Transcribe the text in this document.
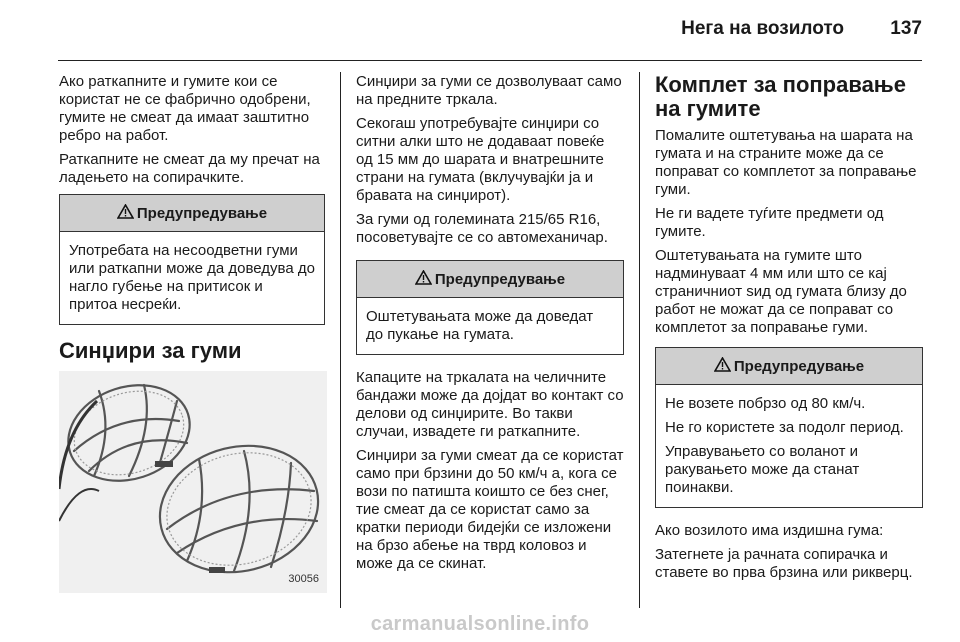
Нега на возилото	137

Ако раткапните и гумите кои се користат не се фабрично одобрени, гумите не смеат да имаат заштитно ребро на работ.

Раткапните не смеат да му пречат на ладењето на сопирачките.

Предупредување

Употребата на несоодветни гуми или раткапни може да доведува до нагло губење на притисок и притоа несреќи.

Синџири за гуми
30056

Синџири за гуми се дозволуваат само на предните тркала.

Секогаш употребувајте синџири со ситни алки што не додаваат повеќе од 15 мм до шарата и внатрешните страни на гумата (вклучувајќи ја и бравата на синџирот).

За гуми од големината 215/65 R16, посоветувајте се со автомеханичар.

Предупредување

Оштетувањата може да доведат до пукање на гумата.

Капаците на тркалата на челичните бандажи може да дојдат во контакт со делови од синџирите. Во такви случаи, извадете ги раткапните.

Синџири за гуми смеат да се користат само при брзини до 50 км/ч а, кога се вози по патишта коишто се без снег, тие смеат да се користат само за кратки периоди бидејќи се изложени на брзо абење на тврд коловоз и може да се скинат.

Комплет за поправање на гумите

Помалите оштетувања на шарата на гумата и на страните може да се поправат со комплетот за поправање гуми.

Не ги вадете туѓите предмети од гумите.

Оштетувањата на гумите што надминуваат 4 мм или што се кај страничниот ѕид од гумата близу до работ не можат да се поправат со комплетот за поправање гуми.

Предупредување

Не возете побрзо од 80 км/ч.

Не го користете за подолг период.

Управувањето со воланот и ракувањето може да станат поинакви.

Ако возилото има издишна гума:

Затегнете ја рачната сопирачка и ставете во прва брзина или рикверц.

carmanualsonline.info
